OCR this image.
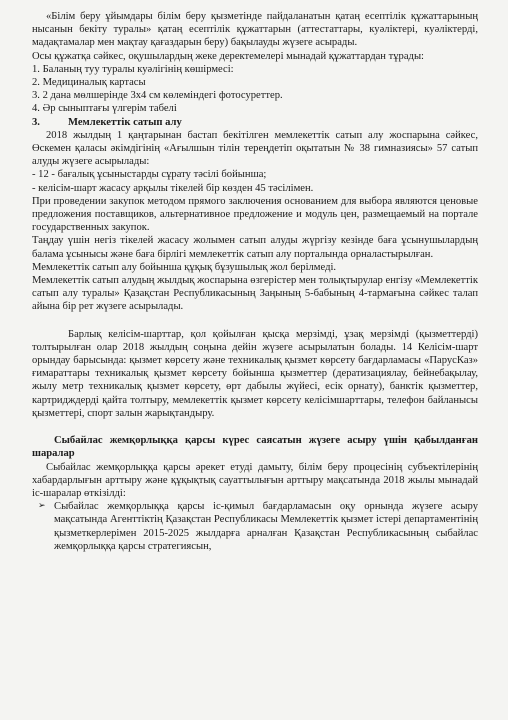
«Білім беру ұйымдары білім беру қызметінде пайдаланатын қатаң есептілік құжаттарының нысанын бекіту туралы» қатаң есептілік құжаттарын (аттестаттары, куәліктері, куәліктерді, мадақтамалар мен мақтау қағаздарын беру) бақылауды жүзеге асырады.

Осы құжатқа сәйкес, оқушылардың жеке деректемелері мынадай құжаттардан тұрады:

1. Баланың туу туралы куәлігінің көшірмесі:
2. Медициналық картасы
3. 2 дана мөлшерінде 3х4 см көлеміндегі фотосуреттер.
4. Әр сыныптағы үлгерім табелі
3.	Мемлекеттік сатып алу

2018 жылдың 1 қаңтарынан бастап бекітілген мемлекеттік сатып алу жоспарына сәйкес, Өскемен қаласы әкімдігінің «Ағылшын тілін тереңдетіп оқытатын № 38 гимназиясы» 57 сатып алуды жүзеге асырылады:

- 12 - бағалық ұсыныстарды сұрату тәсілі бойынша;
- келісім-шарт жасасу арқылы тікелей бір көзден 45 тәсілімен.

При проведении закупок методом прямого заключения основанием для выбора являются ценовые предложения поставщиков, альтернативное предложение и модуль цен, размещаемый на портале государственных закупок.

Таңдау үшін негіз тікелей жасасу жолымен сатып алуды жүргізу кезінде баға ұсынушылардың балама ұсынысы және баға бірлігі мемлекеттік сатып алу порталында орналастырылған.

Мемлекеттік сатып алу бойынша құқық бұзушылық жол берілмеді.

Мемлекеттік сатып алудың жылдық жоспарына өзгерістер мен толықтырулар енгізу «Мемлекеттік сатып алу туралы» Қазақстан Республикасының Заңының 5-бабының 4-тармағына сәйкес талап айына бір рет жүзеге асырылады.

Барлық келісім-шарттар, қол қойылған қысқа мерзімді, ұзақ мерзімді (қызметтерді) толтырылған олар 2018 жылдың соңына дейін жүзеге асырылатын болады. 14 Келісім-шарт орындау барысында: қызмет көрсету және техникалық қызмет көрсету бағдарламасы «ПарусКаз» ғимараттары техникалық қызмет көрсету бойынша қызметтер (дератизациялау, бейнебақылау, жылу метр техникалық қызмет көрсету, өрт дабылы жүйесі, есік орнату), банктік қызметтер, картридждерді қайта толтыру, мемлекеттік қызмет көрсету келісімшарттары, телефон байланысы қызметтері, спорт залын жарықтандыру.

Сыбайлас жемқорлыққа қарсы күрес саясатын жүзеге асыру үшін қабылданған шаралар

Сыбайлас жемқорлыққа қарсы әрекет етуді дамыту, білім беру процесінің субъектілерінің хабардарлығын арттыру және құқықтық сауаттылығын арттыру мақсатында 2018 жылы мынадай іс-шаралар өткізілді:

➢ Сыбайлас жемқорлыққа қарсы іс-қимыл бағдарламасын оқу орнында жүзеге асыру мақсатында Агенттіктің Қазақстан Республикасы Мемлекеттік қызмет істері департаментінің қызметкерлерімен 2015-2025 жылдарға арналған Қазақстан Республикасының сыбайлас жемқорлыққа қарсы стратегиясын,
